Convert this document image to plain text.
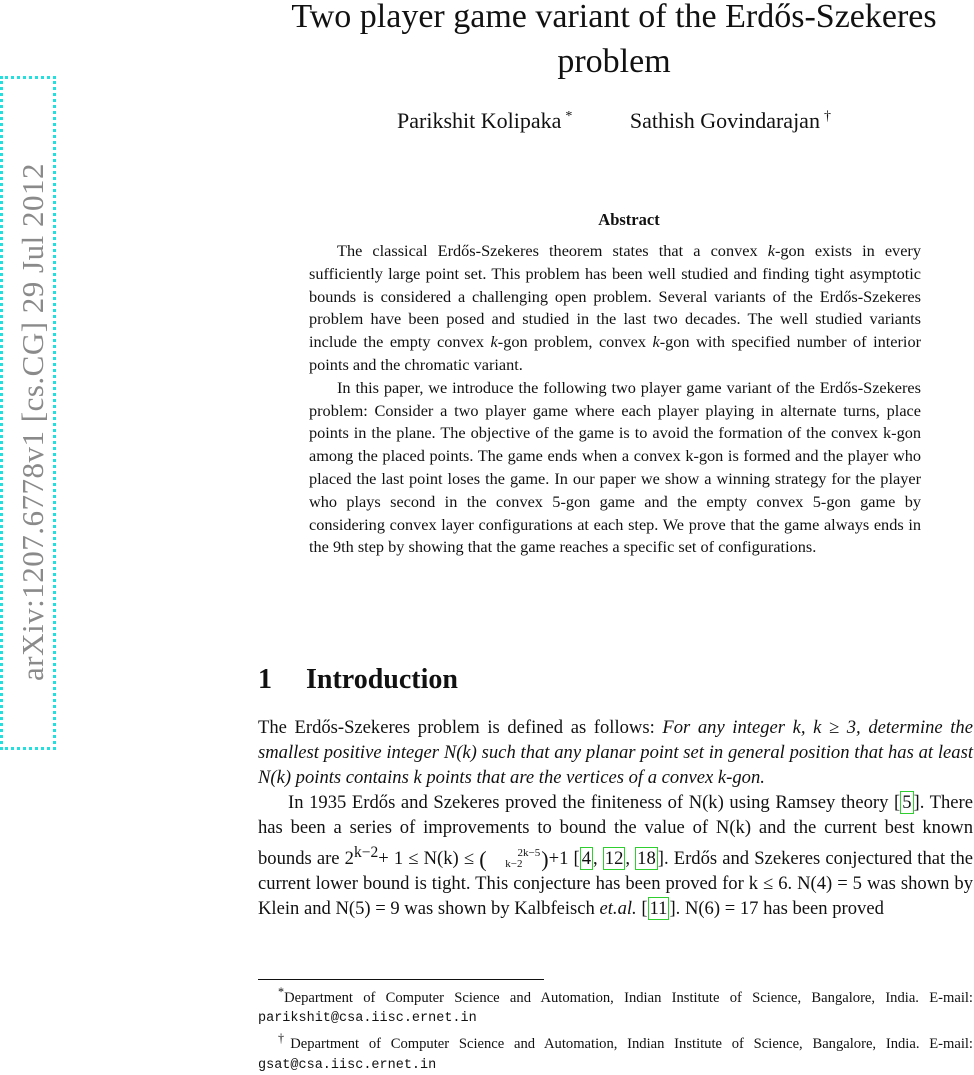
arXiv:1207.6778v1 [cs.CG] 29 Jul 2012
Two player game variant of the Erdős-Szekeres problem
Parikshit Kolipaka *	Sathish Govindarajan †
Abstract

The classical Erdős-Szekeres theorem states that a convex k-gon exists in every sufficiently large point set. This problem has been well studied and finding tight asymptotic bounds is considered a challenging open problem. Several variants of the Erdős-Szekeres problem have been posed and studied in the last two decades. The well studied variants include the empty convex k-gon problem, convex k-gon with specified number of interior points and the chromatic variant.

In this paper, we introduce the following two player game variant of the Erdős-Szekeres problem: Consider a two player game where each player playing in alternate turns, place points in the plane. The objective of the game is to avoid the formation of the convex k-gon among the placed points. The game ends when a convex k-gon is formed and the player who placed the last point loses the game. In our paper we show a winning strategy for the player who plays second in the convex 5-gon game and the empty convex 5-gon game by considering convex layer configurations at each step. We prove that the game always ends in the 9th step by showing that the game reaches a specific set of configurations.

1 Introduction

The Erdős-Szekeres problem is defined as follows: For any integer k, k ≥ 3, determine the smallest positive integer N(k) such that any planar point set in general position that has at least N(k) points contains k points that are the vertices of a convex k-gon.

In 1935 Erdős and Szekeres proved the finiteness of N(k) using Ramsey theory [ 5 ]. There has been a series of improvements to bound the value of N(k) and the current best known bounds are $2^{k-2}+ 1 \le N(k)$ ≤ (	2k−5
k−2 )+1 [ 4 , 12 , 18 ]. Erdős and Szekeres conjectured that the current lower bound is tight. This conjecture has been proved for k ≤ 6. N(4) = 5 was shown by Klein and N(5) = 9 was shown by Kalbfeisch et.al. [ 11 ]. N(6) = 17 has been proved

*Department of Computer Science and Automation, Indian Institute of Science, Bangalore, India. E-mail: parikshit@csa.iisc.ernet.in

†Department of Computer Science and Automation, Indian Institute of Science, Bangalore, India. E-mail: gsat@csa.iisc.ernet.in
